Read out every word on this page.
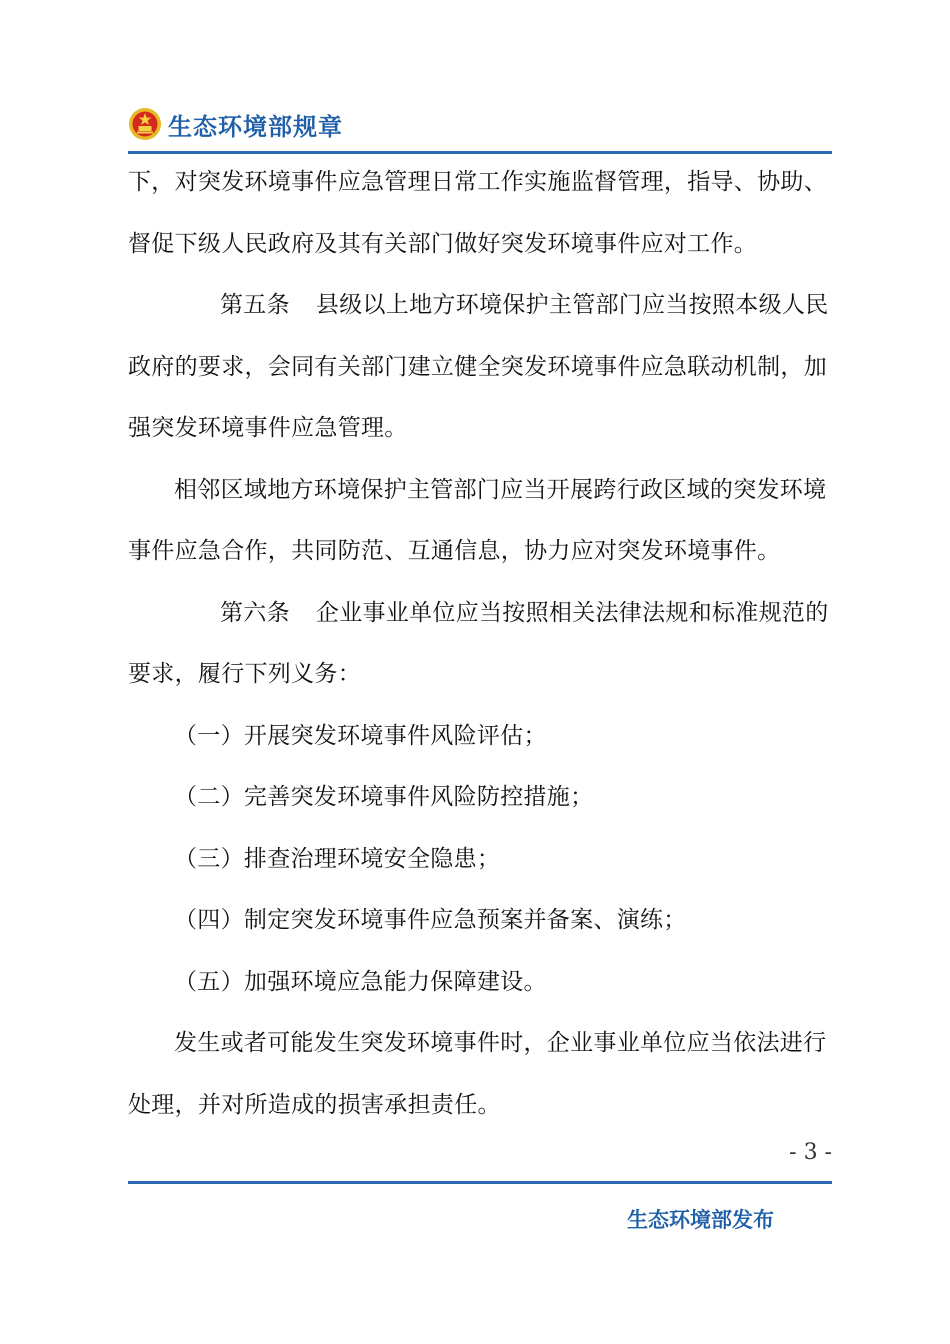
生态环境部规章

下，对突发环境事件应急管理日常工作实施监督管理，指导、协助、督促下级人民政府及其有关部门做好突发环境事件应对工作。

第五条 县级以上地方环境保护主管部门应当按照本级人民政府的要求，会同有关部门建立健全突发环境事件应急联动机制，加强突发环境事件应急管理。

相邻区域地方环境保护主管部门应当开展跨行政区域的突发环境事件应急合作，共同防范、互通信息，协力应对突发环境事件。

第六条 企业事业单位应当按照相关法律法规和标准规范的要求，履行下列义务：

（一）开展突发环境事件风险评估；

（二）完善突发环境事件风险防控措施；

（三）排查治理环境安全隐患；

（四）制定突发环境事件应急预案并备案、演练；

（五）加强环境应急能力保障建设。

发生或者可能发生突发环境事件时，企业事业单位应当依法进行处理，并对所造成的损害承担责任。

- 3 -
生态环境部发布
